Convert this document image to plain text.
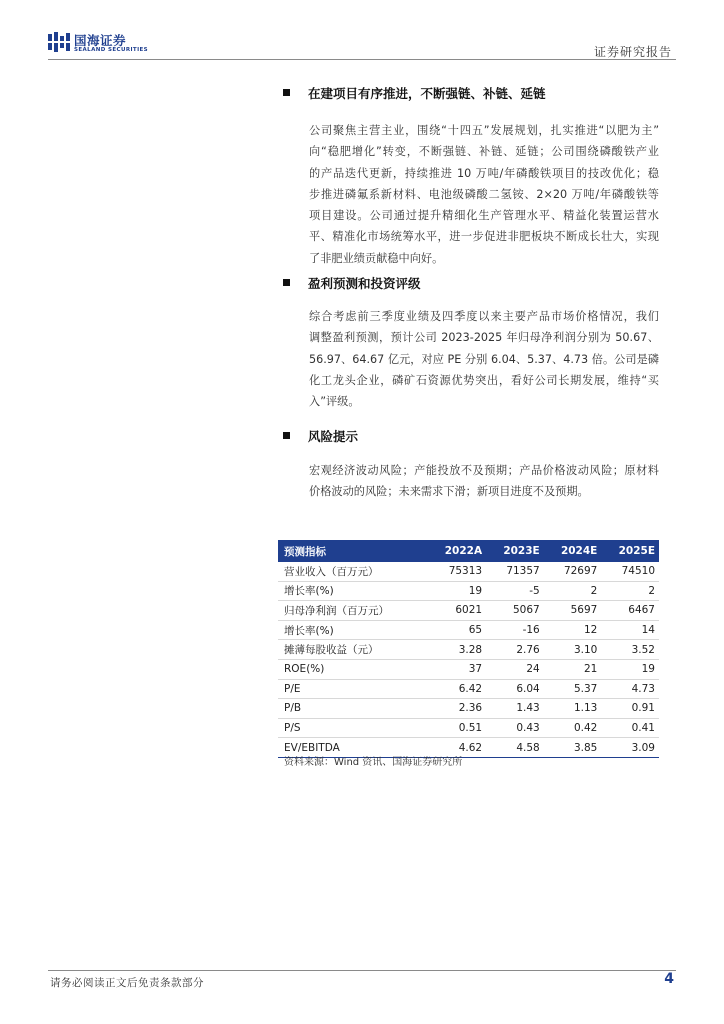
国海证券
SEALAND SECURITIES	证券研究报告
在建项目有序推进，不断强链、补链、延链
公司聚焦主营主业，围绕“十四五”发展规划，扎实推进“以肥为主”
向“稳肥增化”转变，不断强链、补链、延链；公司围绕磷酸铁产业
的产品迭代更新，持续推进 10 万吨/年磷酸铁项目的技改优化；稳
步推进磷氟系新材料、电池级磷酸二氢铵、2×20 万吨/年磷酸铁等
项目建设。公司通过提升精细化生产管理水平、精益化装置运营水
平、精准化市场统筹水平，进一步促进非肥板块不断成长壮大，实现
了非肥业绩贡献稳中向好。
盈利预测和投资评级
综合考虑前三季度业绩及四季度以来主要产品市场价格情况，我们
调整盈利预测，预计公司 2023-2025 年归母净利润分别为 50.67、
56.97、64.67 亿元，对应 PE 分别 6.04、5.37、4.73 倍。公司是磷
化工龙头企业，磷矿石资源优势突出，看好公司长期发展，维持“买
入”评级。
风险提示
宏观经济波动风险；产能投放不及预期；产品价格波动风险；原材料
价格波动的风险；未来需求下滑；新项目进度不及预期。
预测指标	2022A	2023E	2024E	2025E
营业收入（百万元）	75313	71357	72697	74510
增长率(%)	19	-5	2	2
归母净利润（百万元）	6021	5067	5697	6467
增长率(%)	65	-16	12	14
摊薄每股收益（元）	3.28	2.76	3.10	3.52
ROE(%)	37	24	21	19
P/E	6.42	6.04	5.37	4.73
P/B	2.36	1.43	1.13	0.91
P/S	0.51	0.43	0.42	0.41
EV/EBITDA	4.62	4.58	3.85	3.09
资料来源：Wind 资讯、国海证券研究所
请务必阅读正文后免责条款部分	4
